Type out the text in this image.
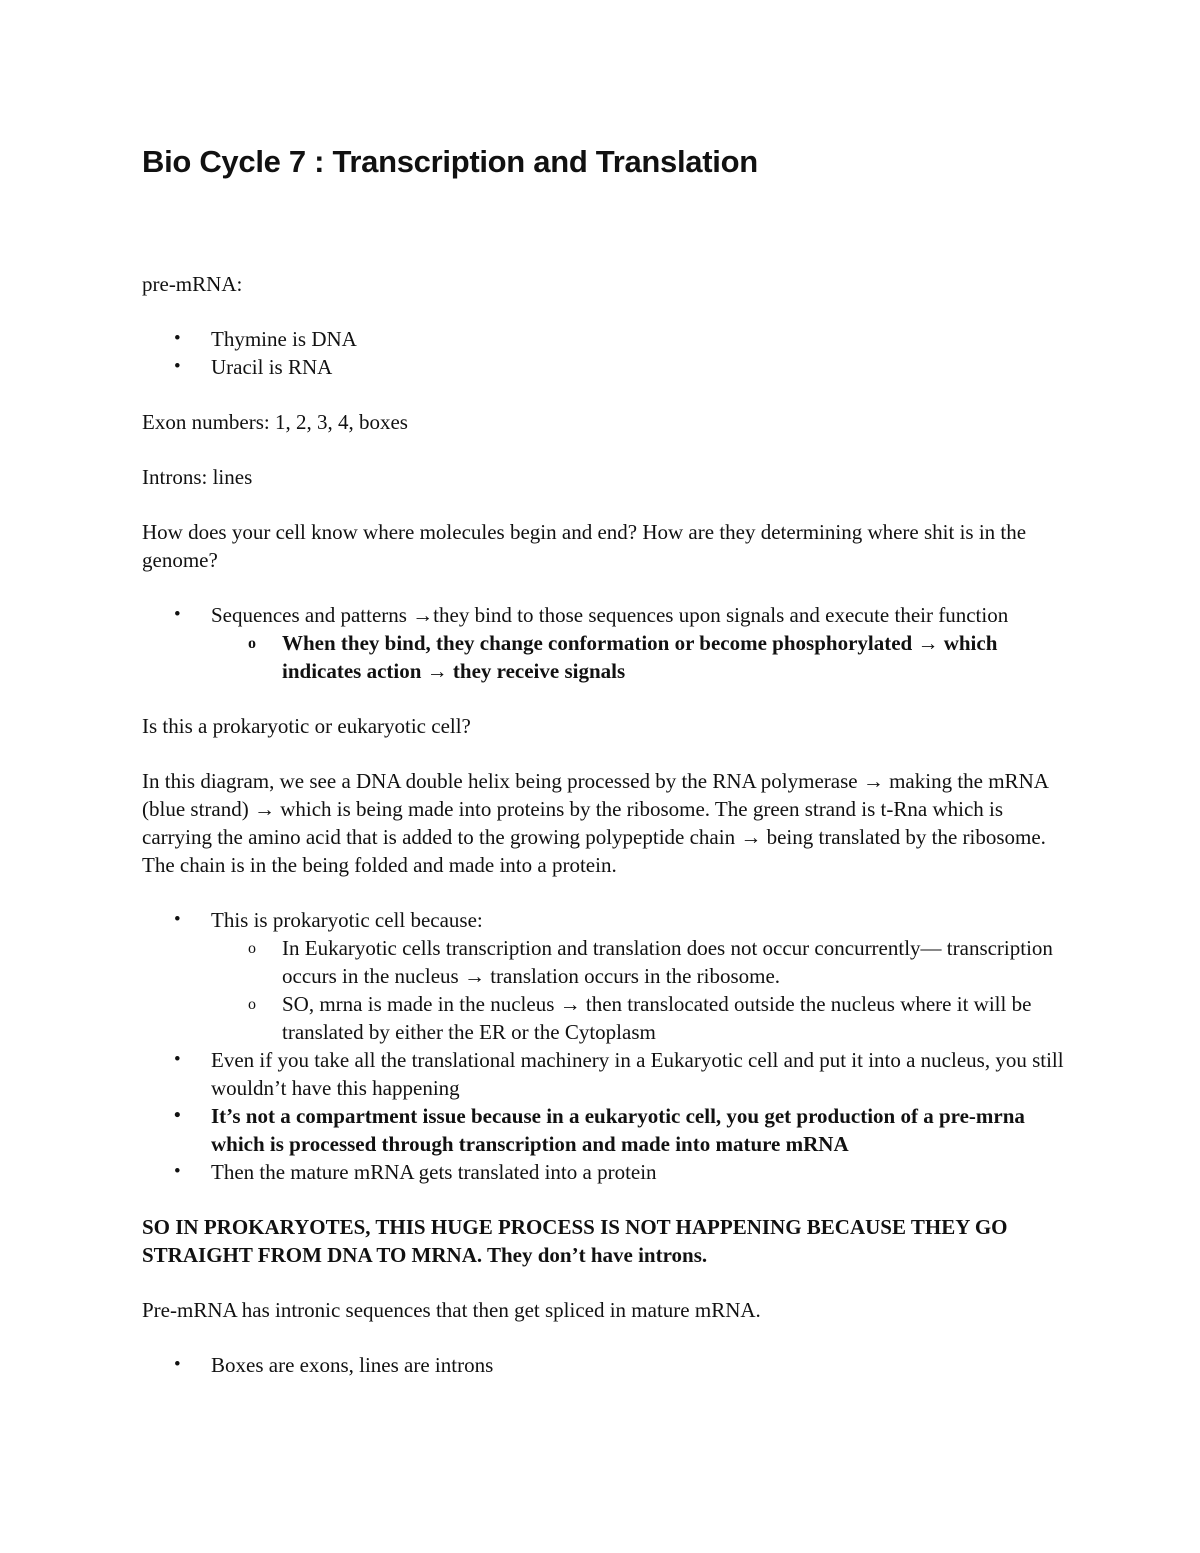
Bio Cycle 7 : Transcription and Translation

pre-mRNA:

• Thymine is DNA
• Uracil is RNA

Exon numbers: 1, 2, 3, 4, boxes

Introns: lines

How does your cell know where molecules begin and end? How are they determining where shit is in the genome?

• Sequences and patterns →they bind to those sequences upon signals and execute their function
o When they bind, they change conformation or become phosphorylated → which indicates action → they receive signals

Is this a prokaryotic or eukaryotic cell?

In this diagram, we see a DNA double helix being processed by the RNA polymerase → making the mRNA (blue strand) → which is being made into proteins by the ribosome. The green strand is t-Rna which is carrying the amino acid that is added to the growing polypeptide chain → being translated by the ribosome. The chain is in the being folded and made into a protein.

• This is prokaryotic cell because:
o In Eukaryotic cells transcription and translation does not occur concurrently— transcription occurs in the nucleus → translation occurs in the ribosome.
o SO, mrna is made in the nucleus → then translocated outside the nucleus where it will be translated by either the ER or the Cytoplasm
• Even if you take all the translational machinery in a Eukaryotic cell and put it into a nucleus, you still wouldn’t have this happening
• It’s not a compartment issue because in a eukaryotic cell, you get production of a pre-mrna which is processed through transcription and made into mature mRNA
• Then the mature mRNA gets translated into a protein

SO IN PROKARYOTES, THIS HUGE PROCESS IS NOT HAPPENING BECAUSE THEY GO STRAIGHT FROM DNA TO MRNA. They don’t have introns.

Pre-mRNA has intronic sequences that then get spliced in mature mRNA.

• Boxes are exons, lines are introns
